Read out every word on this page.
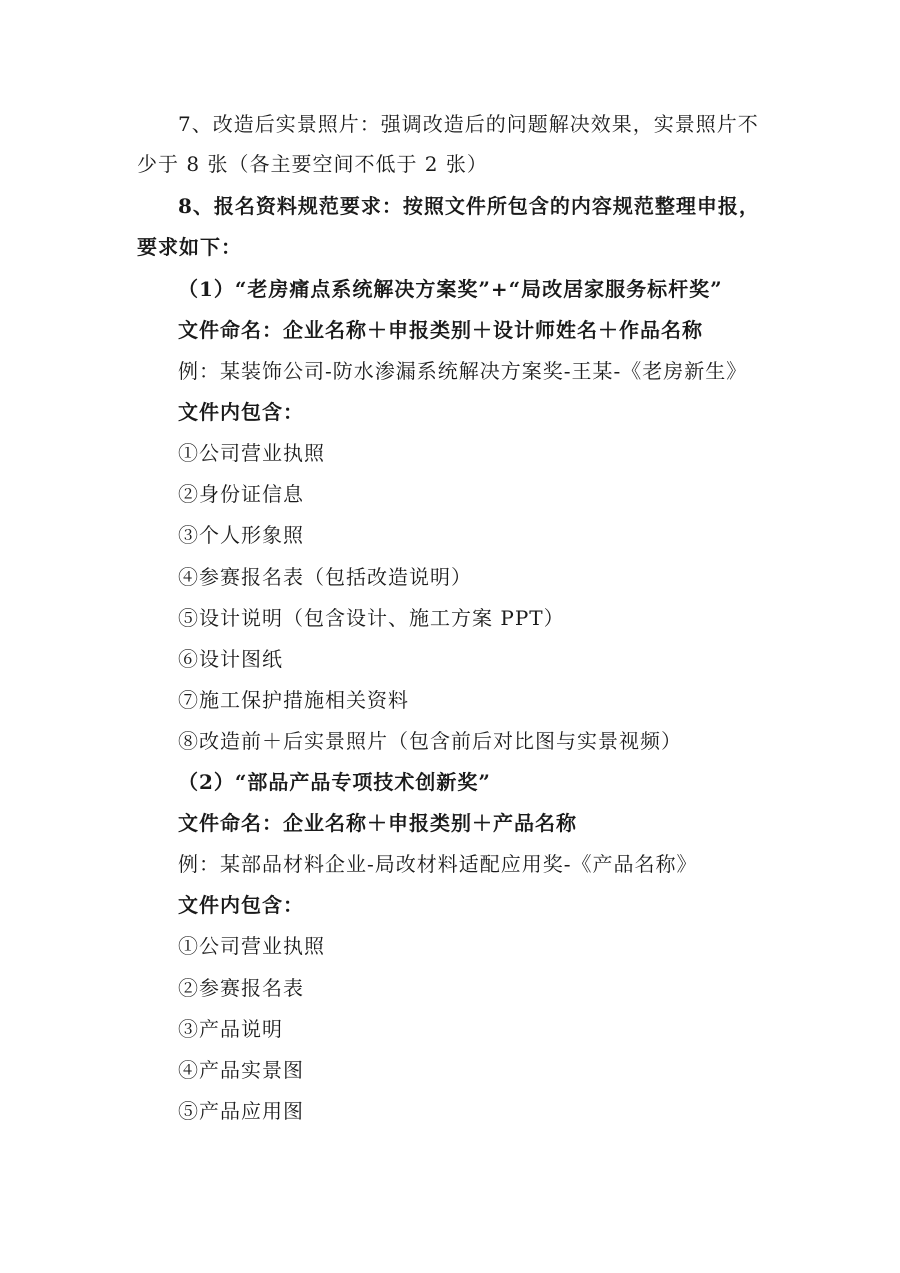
7、改造后实景照片：强调改造后的问题解决效果，实景照片不
少于 8 张（各主要空间不低于 2 张）
8、报名资料规范要求：按照文件所包含的内容规范整理申报，
要求如下：
（1）“老房痛点系统解决方案奖”+“局改居家服务标杆奖”
文件命名：企业名称＋申报类别＋设计师姓名＋作品名称
例：某装饰公司-防水渗漏系统解决方案奖-王某-《老房新生》
文件内包含：
①公司营业执照
②身份证信息
③个人形象照
④参赛报名表（包括改造说明）
⑤设计说明（包含设计、施工方案 PPT）
⑥设计图纸
⑦施工保护措施相关资料
⑧改造前＋后实景照片（包含前后对比图与实景视频）
（2）“部品产品专项技术创新奖”
文件命名：企业名称＋申报类别＋产品名称
例：某部品材料企业-局改材料适配应用奖-《产品名称》
文件内包含：
①公司营业执照
②参赛报名表
③产品说明
④产品实景图
⑤产品应用图
